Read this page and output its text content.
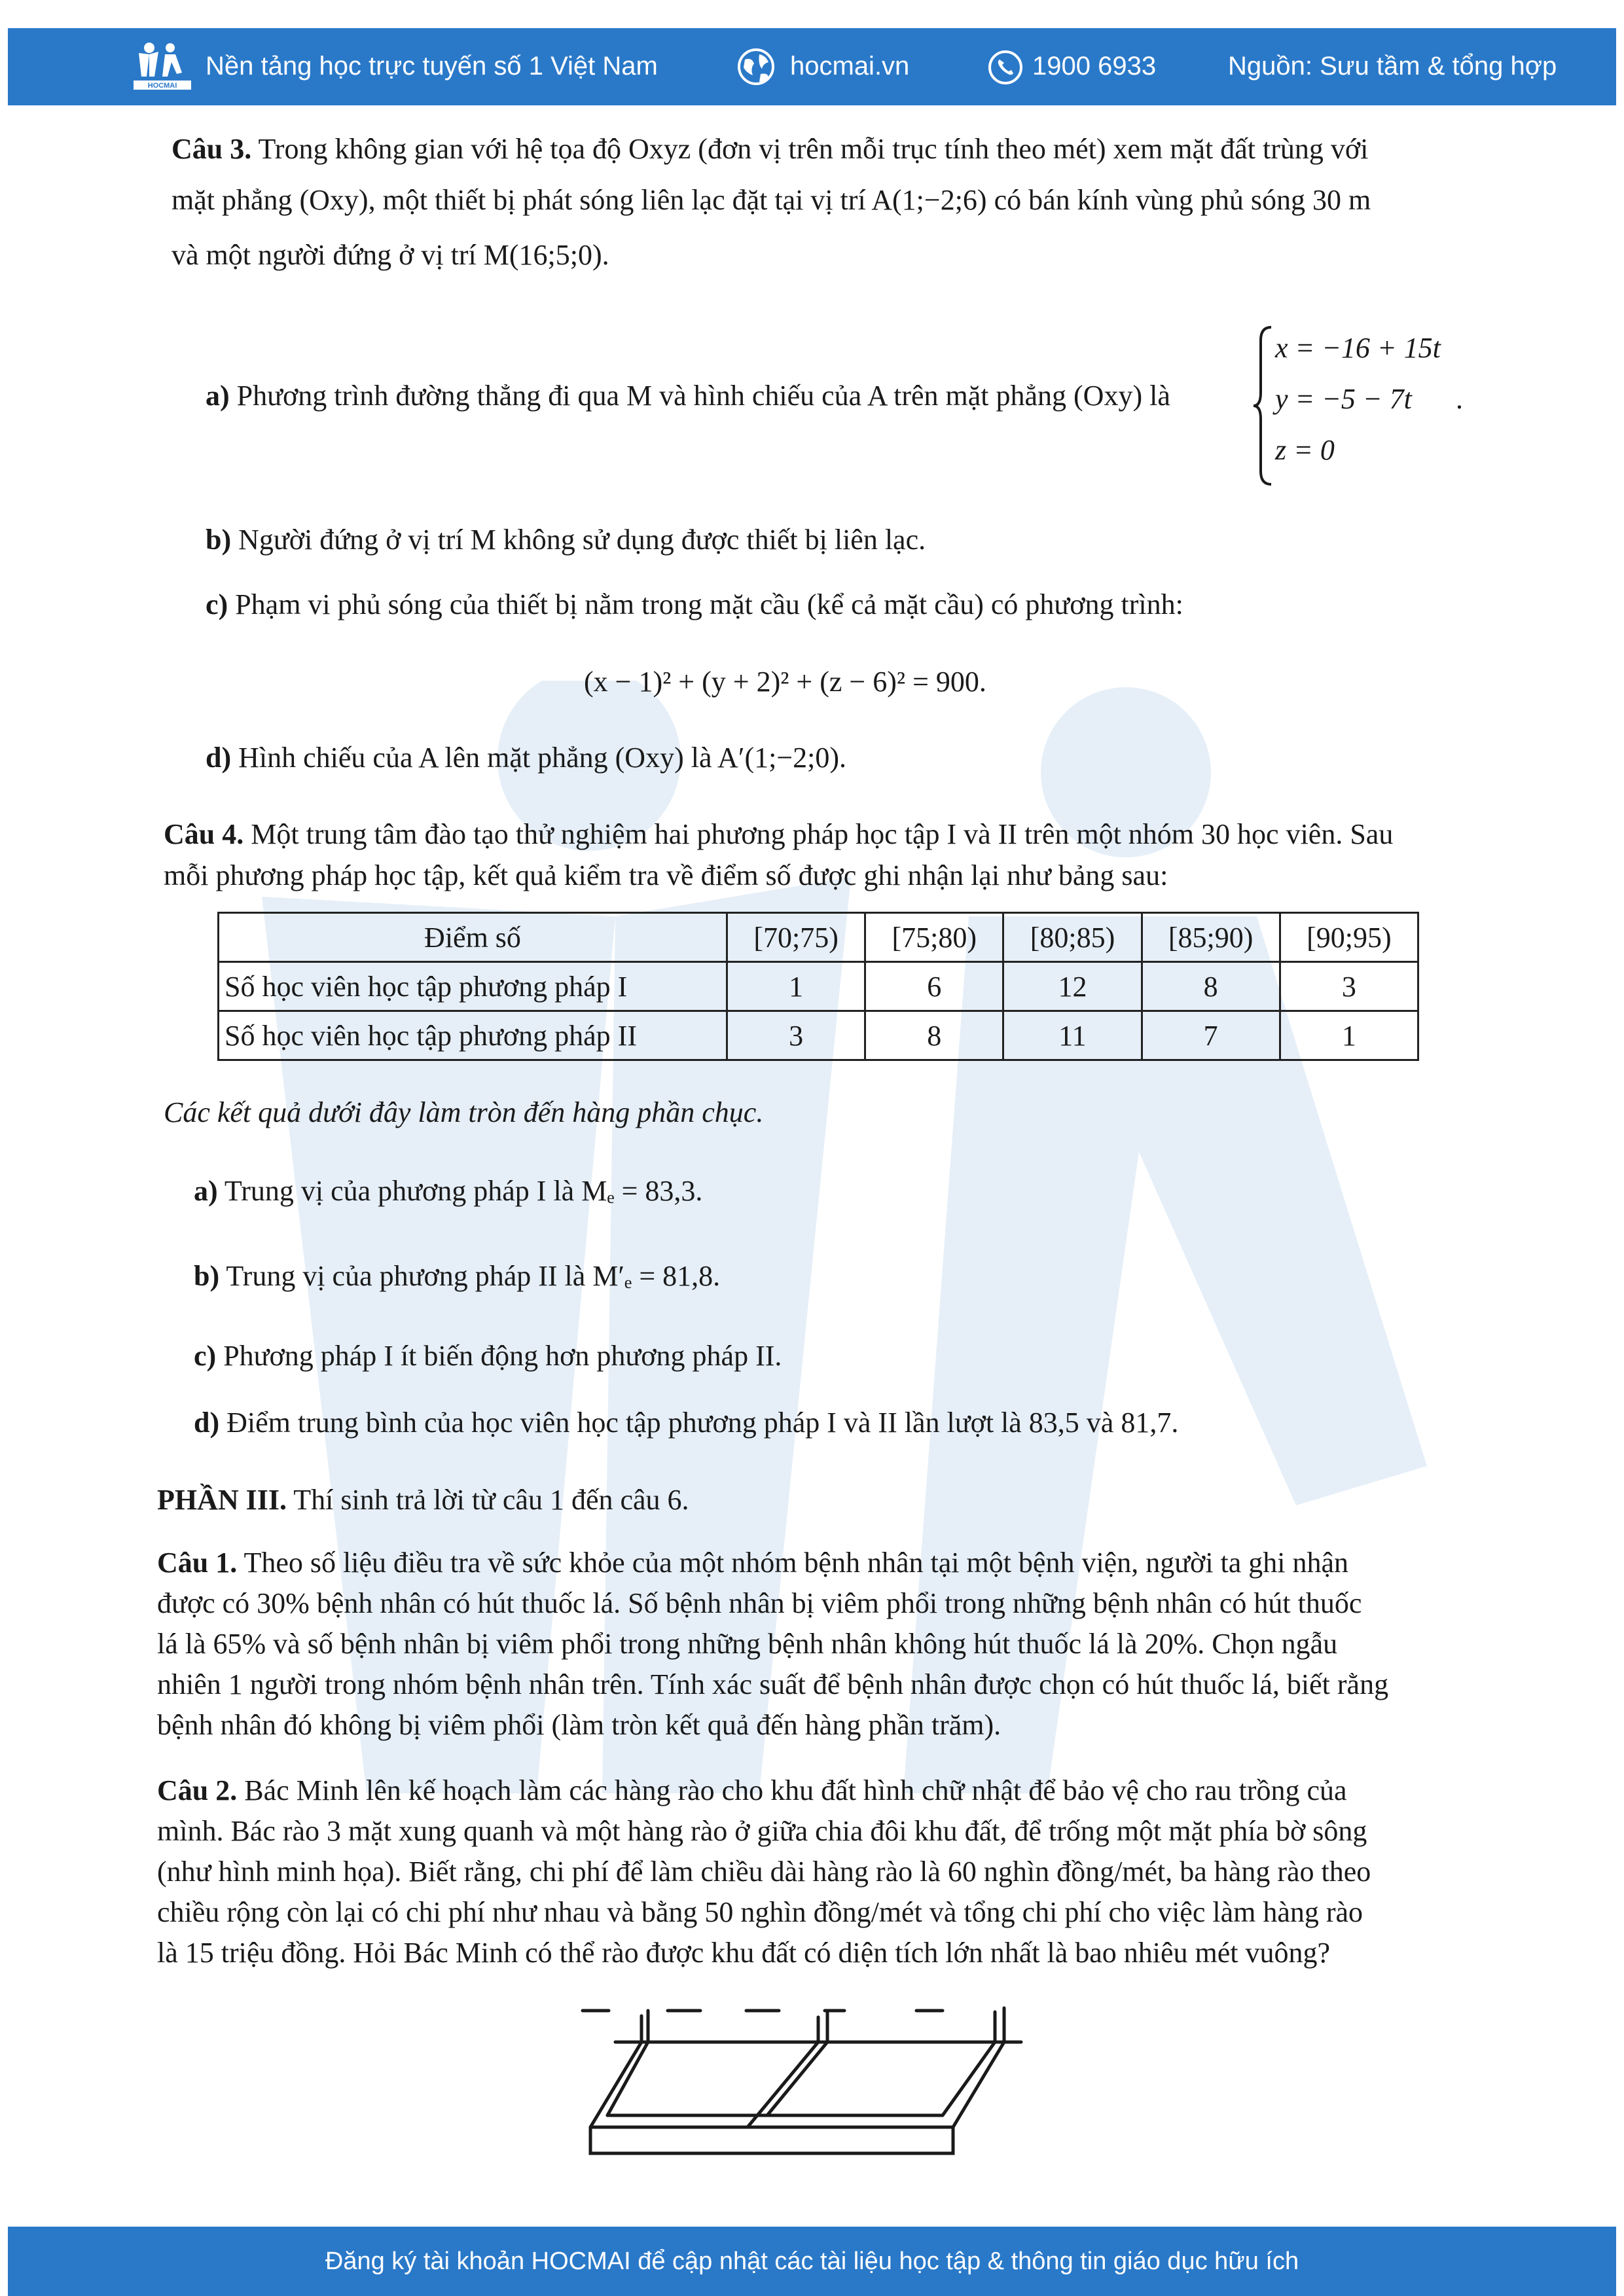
HOCMAI
Nền tảng học trực tuyến số 1 Việt Nam	hocmai.vn	1900 6933	Nguồn: Sưu tầm & tổng hợp
Câu 3. Trong không gian với hệ tọa độ Oxyz (đơn vị trên mỗi trục tính theo mét) xem mặt đất trùng với
mặt phẳng (Oxy), một thiết bị phát sóng liên lạc đặt tại vị trí A(1;−2;6) có bán kính vùng phủ sóng 30 m
và một người đứng ở vị trí M(16;5;0).
a) Phương trình đường thẳng đi qua M và hình chiếu của A trên mặt phẳng (Oxy) là
x = −16 + 15t
y = −5 − 7t
z = 0
.
b) Người đứng ở vị trí M không sử dụng được thiết bị liên lạc.
c) Phạm vi phủ sóng của thiết bị nằm trong mặt cầu (kể cả mặt cầu) có phương trình:
(x − 1)² + (y + 2)² + (z − 6)² = 900.
d) Hình chiếu của A lên mặt phẳng (Oxy) là A′(1;−2;0).
Câu 4. Một trung tâm đào tạo thử nghiệm hai phương pháp học tập I và II trên một nhóm 30 học viên. Sau
mỗi phương pháp học tập, kết quả kiểm tra về điểm số được ghi nhận lại như bảng sau:
Điểm số	[70;75)	[75;80)	[80;85)	[85;90)	[90;95)
Số học viên học tập phương pháp I	1	6	12	8	3
Số học viên học tập phương pháp II	3	8	11	7	1
Các kết quả dưới đây làm tròn đến hàng phần chục.
a) Trung vị của phương pháp I là Mₑ = 83,3.
b) Trung vị của phương pháp II là M′ₑ = 81,8.
c) Phương pháp I ít biến động hơn phương pháp II.
d) Điểm trung bình của học viên học tập phương pháp I và II lần lượt là 83,5 và 81,7.
PHẦN III. Thí sinh trả lời từ câu 1 đến câu 6.
Câu 1. Theo số liệu điều tra về sức khỏe của một nhóm bệnh nhân tại một bệnh viện, người ta ghi nhận
được có 30% bệnh nhân có hút thuốc lá. Số bệnh nhân bị viêm phổi trong những bệnh nhân có hút thuốc
lá là 65% và số bệnh nhân bị viêm phổi trong những bệnh nhân không hút thuốc lá là 20%. Chọn ngẫu
nhiên 1 người trong nhóm bệnh nhân trên. Tính xác suất để bệnh nhân được chọn có hút thuốc lá, biết rằng
bệnh nhân đó không bị viêm phổi (làm tròn kết quả đến hàng phần trăm).
Câu 2. Bác Minh lên kế hoạch làm các hàng rào cho khu đất hình chữ nhật để bảo vệ cho rau trồng của
mình. Bác rào 3 mặt xung quanh và một hàng rào ở giữa chia đôi khu đất, để trống một mặt phía bờ sông
(như hình minh họa). Biết rằng, chi phí để làm chiều dài hàng rào là 60 nghìn đồng/mét, ba hàng rào theo
chiều rộng còn lại có chi phí như nhau và bằng 50 nghìn đồng/mét và tổng chi phí cho việc làm hàng rào
là 15 triệu đồng. Hỏi Bác Minh có thể rào được khu đất có diện tích lớn nhất là bao nhiêu mét vuông?
Đăng ký tài khoản HOCMAI để cập nhật các tài liệu học tập & thông tin giáo dục hữu ích
